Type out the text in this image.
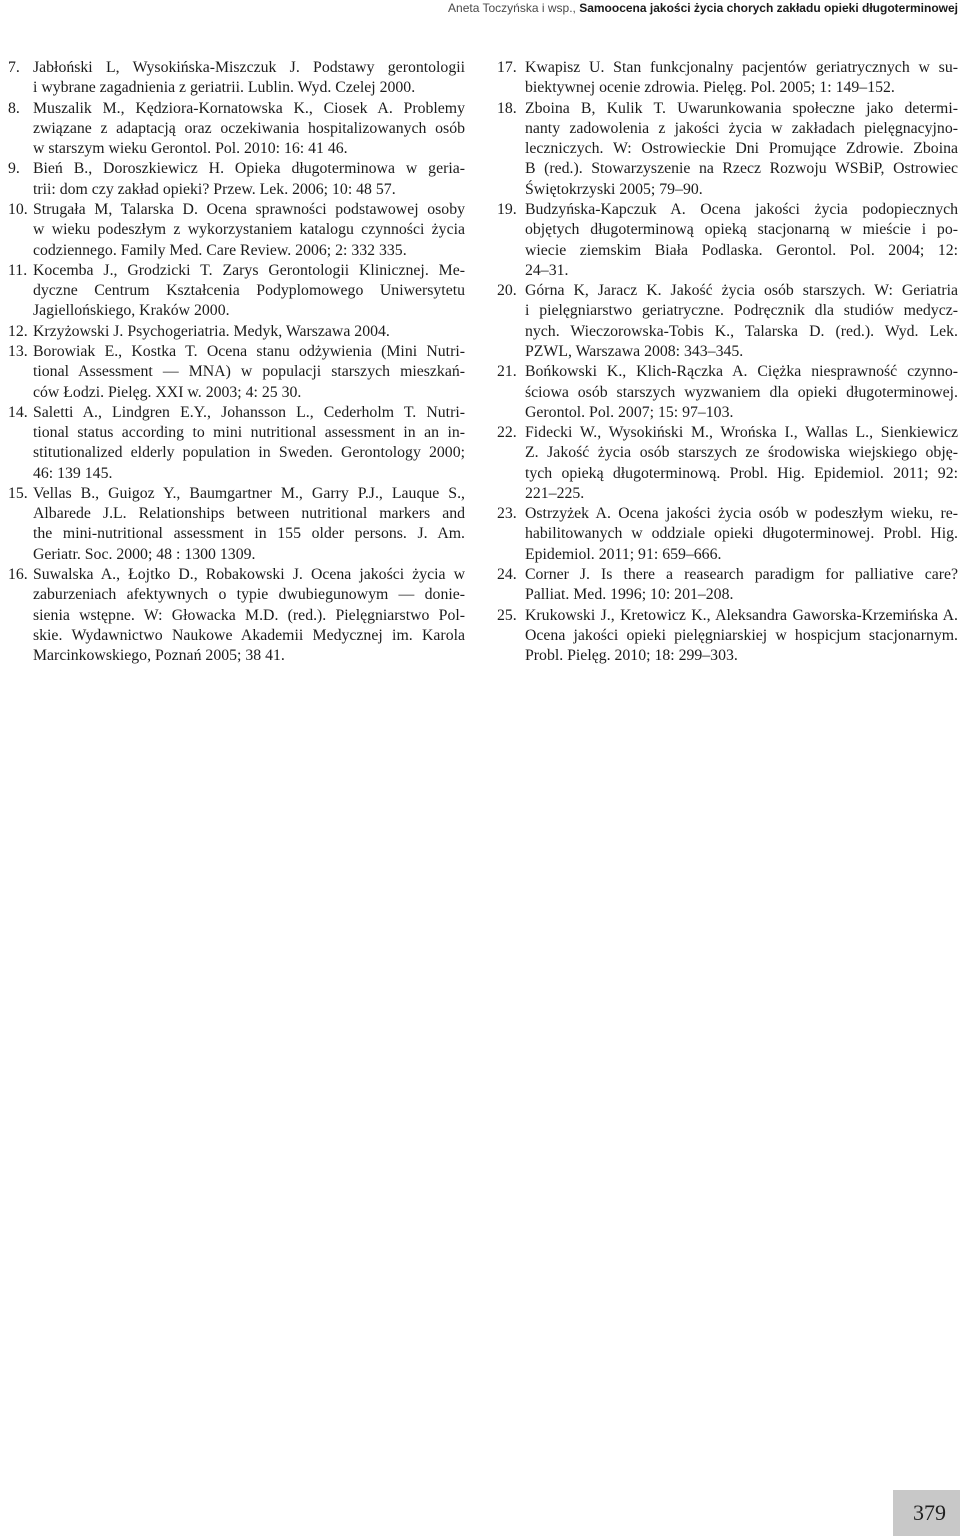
Aneta Toczyńska i wsp., Samoocena jakości życia chorych zakładu opieki długoterminowej
7. Jabłoński L, Wysokińska-Miszczuk J. Podstawy gerontologii
i wybrane zagadnienia z geriatrii. Lublin. Wyd. Czelej 2000.
8. Muszalik M., Kędziora-Kornatowska K., Ciosek A. Problemy
związane z adaptacją oraz oczekiwania hospitalizowanych osób
w starszym wieku Gerontol. Pol. 2010: 16: 41 46.
9. Bień B., Doroszkiewicz H. Opieka długoterminowa w geria-
trii: dom czy zakład opieki? Przew. Lek. 2006; 10: 48 57.
10. Strugała M, Talarska D. Ocena sprawności podstawowej osoby
w wieku podeszłym z wykorzystaniem katalogu czynności życia
codziennego. Family Med. Care Review. 2006; 2: 332 335.
11. Kocemba J., Grodzicki T. Zarys Gerontologii Klinicznej. Me-
dyczne Centrum Kształcenia Podyplomowego Uniwersytetu
Jagiellońskiego, Kraków 2000.
12. Krzyżowski J. Psychogeriatria. Medyk, Warszawa 2004.
13. Borowiak E., Kostka T. Ocena stanu odżywienia (Mini Nutri-
tional Assessment — MNA) w populacji starszych mieszkań-
ców Łodzi. Pielęg. XXI w. 2003; 4: 25 30.
14. Saletti A., Lindgren E.Y., Johansson L., Cederholm T. Nutri-
tional status according to mini nutritional assessment in an in-
stitutionalized elderly population in Sweden. Gerontology 2000;
46: 139 145.
15. Vellas B., Guigoz Y., Baumgartner M., Garry P.J., Lauque S.,
Albarede J.L. Relationships between nutritional markers and
the mini-nutritional assessment in 155 older persons. J. Am.
Geriatr. Soc. 2000; 48 : 1300 1309.
16. Suwalska A., Łojtko D., Robakowski J. Ocena jakości życia w
zaburzeniach afektywnych o typie dwubiegunowym — donie-
sienia wstępne. W: Głowacka M.D. (red.). Pielęgniarstwo Pol-
skie. Wydawnictwo Naukowe Akademii Medycznej im. Karola
Marcinkowskiego, Poznań 2005; 38 41.
17. Kwapisz U. Stan funkcjonalny pacjentów geriatrycznych w su-
biektywnej ocenie zdrowia. Pielęg. Pol. 2005; 1: 149–152.
18. Zboina B, Kulik T. Uwarunkowania społeczne jako determi-
nanty zadowolenia z jakości życia w zakładach pielęgnacyjno-
leczniczych. W: Ostrowieckie Dni Promujące Zdrowie. Zboina
B (red.). Stowarzyszenie na Rzecz Rozwoju WSBiP, Ostrowiec
Świętokrzyski 2005; 79–90.
19. Budzyńska-Kapczuk A. Ocena jakości życia podopiecznych
objętych długoterminową opieką stacjonarną w mieście i po-
wiecie ziemskim Biała Podlaska. Gerontol. Pol. 2004; 12:
24–31.
20. Górna K, Jaracz K. Jakość życia osób starszych. W: Geriatria
i pielęgniarstwo geriatryczne. Podręcznik dla studiów medycz-
nych. Wieczorowska-Tobis K., Talarska D. (red.). Wyd. Lek.
PZWL, Warszawa 2008: 343–345.
21. Bońkowski K., Klich-Rączka A. Ciężka niesprawność czynno-
ściowa osób starszych wyzwaniem dla opieki długoterminowej.
Gerontol. Pol. 2007; 15: 97–103.
22. Fidecki W., Wysokiński M., Wrońska I., Wallas L., Sienkiewicz
Z. Jakość życia osób starszych ze środowiska wiejskiego obję-
tych opieką długoterminową. Probl. Hig. Epidemiol. 2011; 92:
221–225.
23. Ostrzyżek A. Ocena jakości życia osób w podeszłym wieku, re-
habilitowanych w oddziale opieki długoterminowej. Probl. Hig.
Epidemiol. 2011; 91: 659–666.
24. Corner J. Is there a reasearch paradigm for palliative care?
Palliat. Med. 1996; 10: 201–208.
25. Krukowski J., Kretowicz K., Aleksandra Gaworska-Krzemińska A.
Ocena jakości opieki pielęgniarskiej w hospicjum stacjonarnym.
Probl. Pielęg. 2010; 18: 299–303.
379
